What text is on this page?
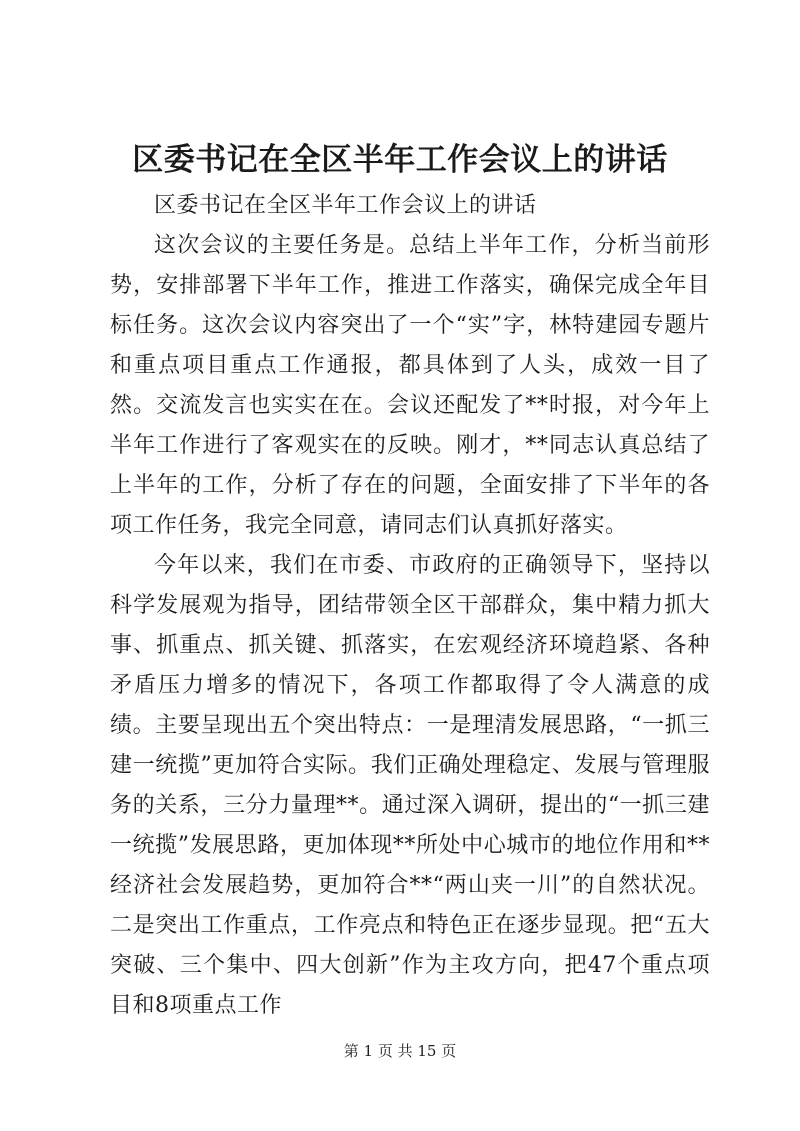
区委书记在全区半年工作会议上的讲话

区委书记在全区半年工作会议上的讲话

这次会议的主要任务是。总结上半年工作，分析当前形势，安排部署下半年工作，推进工作落实，确保完成全年目标任务。这次会议内容突出了一个“实”字，林特建园专题片和重点项目重点工作通报，都具体到了人头，成效一目了然。交流发言也实实在在。会议还配发了**时报，对今年上半年工作进行了客观实在的反映。刚才，**同志认真总结了上半年的工作，分析了存在的问题，全面安排了下半年的各项工作任务，我完全同意，请同志们认真抓好落实。

今年以来，我们在市委、市政府的正确领导下，坚持以科学发展观为指导，团结带领全区干部群众，集中精力抓大事、抓重点、抓关键、抓落实，在宏观经济环境趋紧、各种矛盾压力增多的情况下，各项工作都取得了令人满意的成绩。主要呈现出五个突出特点：一是理清发展思路，“一抓三建一统揽”更加符合实际。我们正确处理稳定、发展与管理服务的关系，三分力量理**。通过深入调研，提出的“一抓三建一统揽”发展思路，更加体现**所处中心城市的地位作用和**经济社会发展趋势，更加符合**“两山夹一川”的自然状况。二是突出工作重点，工作亮点和特色正在逐步显现。把“五大突破、三个集中、四大创新”作为主攻方向，把47个重点项目和8项重点工作

第 1 页 共 15 页
